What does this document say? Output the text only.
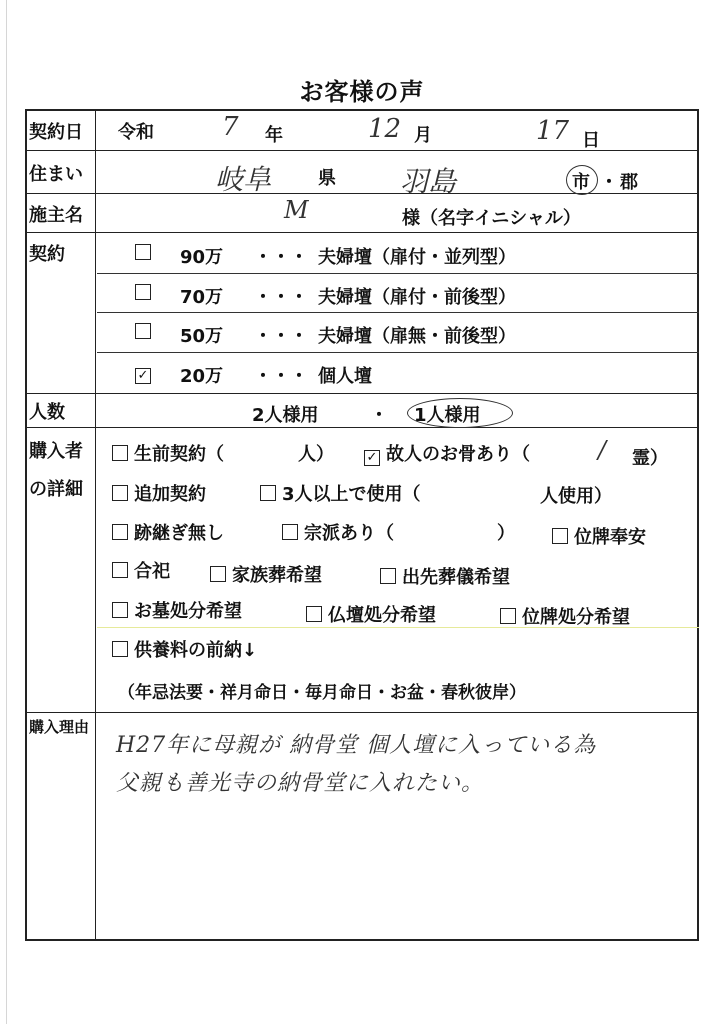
お客様の声
契約日	令和	7 年	12 月	17 日
住まい	岐阜	県 羽島	市 ・ 郡
施主名	M	様（名字イニシャル）
契約	90万 ・・・ 夫婦壇（扉付・並列型）
70万 ・・・ 夫婦壇（扉付・前後型）
50万 ・・・ 夫婦壇（扉無・前後型）
✓	20万 ・・・ 個人壇
人数	2人様用	・ 1人様用
購入者
の詳細
生前契約（	人）	✓ 故人のお骨あり（	/ 霊）
追加契約	3人以上で使用（	人使用）
跡継ぎ無し	宗派あり（	）	位牌奉安
合祀	家族葬希望	出先葬儀希望
お墓処分希望	仏壇処分希望	位牌処分希望
供養料の前納↓
（年忌法要・祥月命日・毎月命日・お盆・春秋彼岸）
購入理由
H27年に母親が 納骨堂 個人壇に入っている為
父親も善光寺の納骨堂に入れたい。
